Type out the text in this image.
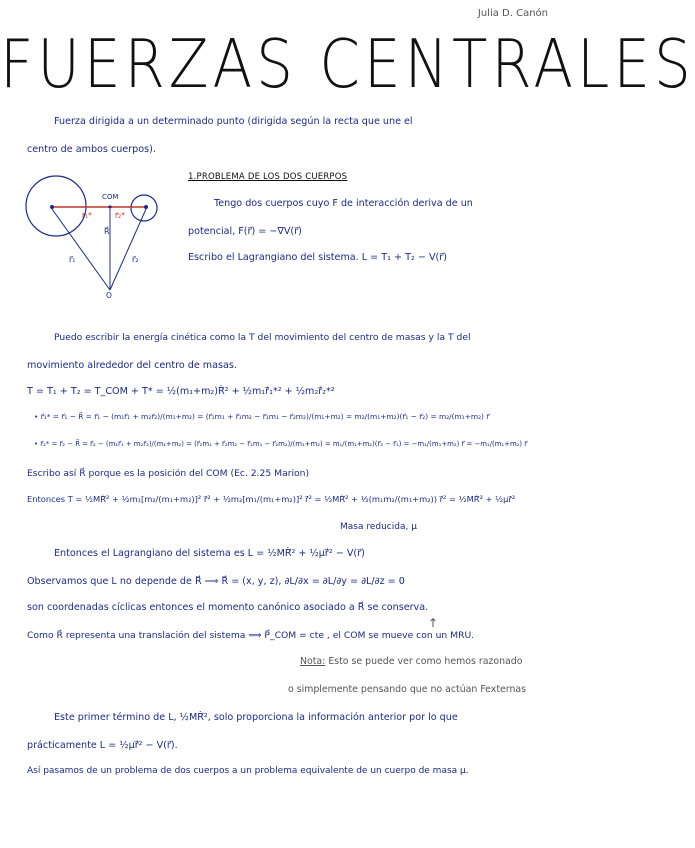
Julia D. Canón
FUERZAS CENTRALES
Fuerza dirigida a un determinado punto (dirigida según la recta que une el
centro de ambos cuerpos).
COM
R⃗
r⃗₁*	r⃗₂*
r⃗₁	r⃗₂
O
1.PROBLEMA DE LOS DOS CUERPOS
Tengo dos cuerpos cuyo F de interacción deriva de un
potencial, F(r⃗) = −∇V(r⃗)
Escribo el Lagrangiano del sistema. L = T₁ + T₂ − V(r⃗)
Puedo escribir la energía cinética como la T del movimiento del centro de masas y la T del
movimiento alrededor del centro de masas.
T = T₁ + T₂ = T_COM + T* = ½(m₁+m₂)Ṙ⃗² + ½m₁ṙ⃗₁*² + ½m₂ṙ⃗₂*²
• r⃗₁* = r⃗₁ − R⃗ = r⃗₁ − (m₁r⃗₁ + m₂r⃗₂)/(m₁+m₂) = (r⃗₁m₁ + r⃗₁m₂ − r⃗₁m₁ − r⃗₂m₂)/(m₁+m₂) = m₂/(m₁+m₂)(r⃗₁ − r⃗₂) = m₂/(m₁+m₂) r⃗
• r⃗₂* = r⃗₂ − R⃗ = r⃗₂ − (m₁r⃗₁ + m₂r⃗₂)/(m₁+m₂) = (r⃗₂m₁ + r⃗₂m₂ − r⃗₁m₁ − r⃗₂m₂)/(m₁+m₂) = m₁/(m₁+m₂)(r⃗₂ − r⃗₁) = −m₁/(m₁+m₂) r⃗ = −m₁/(m₁+m₂) r⃗
Escribo así R⃗ porque es la posición del COM (Ec. 2.25 Marion)
Entonces T = ½MṘ⃗² + ½m₁[m₂/(m₁+m₂)]² ṙ⃗² + ½m₂[m₁/(m₁+m₂)]² ṙ⃗² = ½MṘ⃗² + ½(m₁m₂/(m₁+m₂)) ṙ⃗² = ½MṘ⃗² + ½μṙ⃗²
Masa reducida, μ
Entonces el Lagrangiano del sistema es L = ½MṘ⃗² + ½μṙ⃗² − V(r⃗)
Observamos que L no depende de R⃗ ⟹ R⃗ = (x, y, z), ∂L/∂x = ∂L/∂y = ∂L/∂z = 0
son coordenadas cíclicas entonces el momento canónico asociado a R⃗ se conserva.
Como R⃗ representa una translación del sistema ⟹ P⃗_COM = cte , el COM se mueve con un MRU.
↑
Nota: Esto se puede ver como hemos razonado
o simplemente pensando que no actúan Fexternas
Este primer término de L, ½MṘ⃗², solo proporciona la información anterior por lo que
prácticamente L = ½μṙ⃗² − V(r⃗).
Así pasamos de un problema de dos cuerpos a un problema equivalente de un cuerpo de masa μ.
